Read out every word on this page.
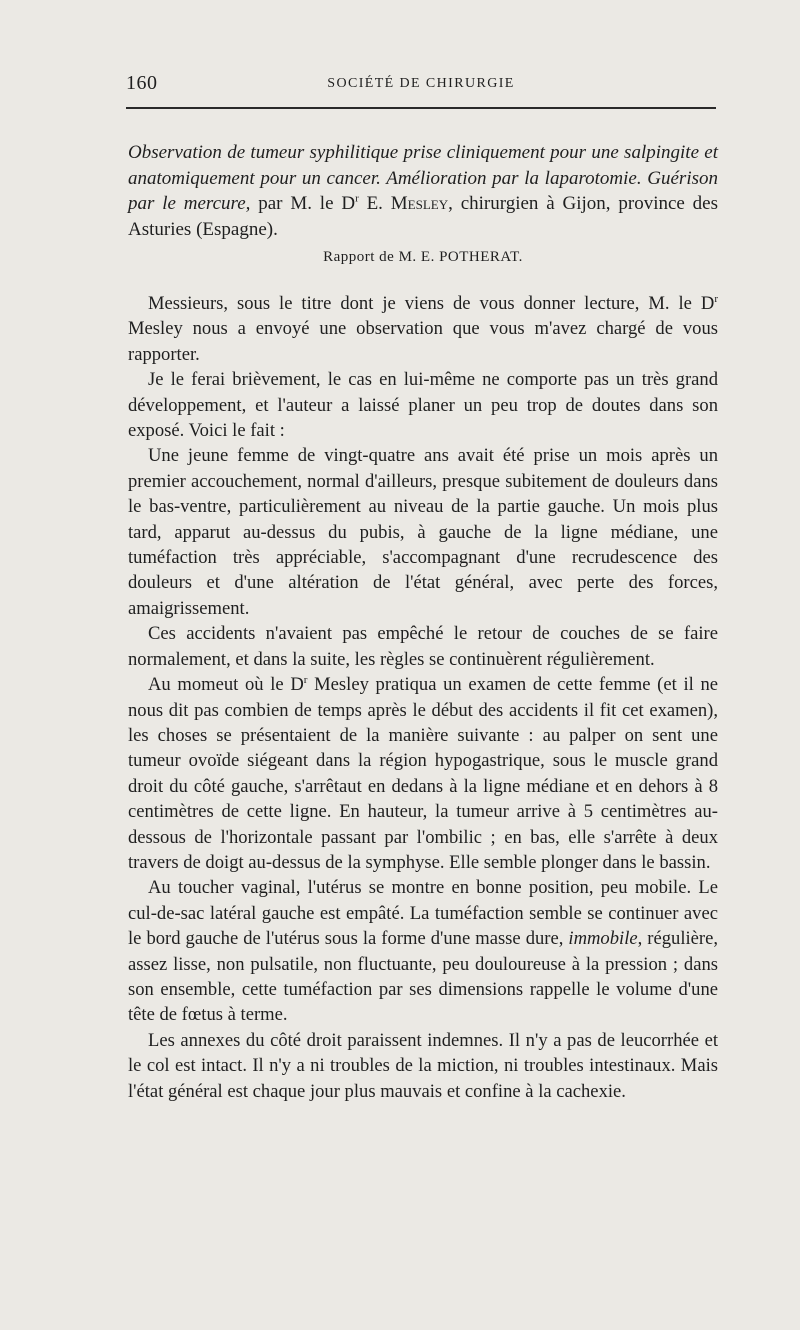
160	SOCIÉTÉ DE CHIRURGIE
Observation de tumeur syphilitique prise cliniquement pour une salpingite et anatomiquement pour un cancer. Amélioration par la laparotomie. Guérison par le mercure, par M. le $D^r$ E. Mesley, chirurgien à Gijon, province des Asturies (Espagne).
Rapport de M. E. POTHERAT.

Messieurs, sous le titre dont je viens de vous donner lecture, M. le $D^r$ Mesley nous a envoyé une observation que vous m'avez chargé de vous rapporter.

Je le ferai brièvement, le cas en lui-même ne comporte pas un très grand développement, et l'auteur a laissé planer un peu trop de doutes dans son exposé. Voici le fait :

Une jeune femme de vingt-quatre ans avait été prise un mois après un premier accouchement, normal d'ailleurs, presque subitement de douleurs dans le bas-ventre, particulièrement au niveau de la partie gauche. Un mois plus tard, apparut au-dessus du pubis, à gauche de la ligne médiane, une tuméfaction très appréciable, s'accompagnant d'une recrudescence des douleurs et d'une altération de l'état général, avec perte des forces, amaigrissement.

Ces accidents n'avaient pas empêché le retour de couches de se faire normalement, et dans la suite, les règles se continuèrent régulièrement.

Au momeut où le $D^r$ Mesley pratiqua un examen de cette femme (et il ne nous dit pas combien de temps après le début des accidents il fit cet examen), les choses se présentaient de la manière suivante : au palper on sent une tumeur ovoïde siégeant dans la région hypogastrique, sous le muscle grand droit du côté gauche, s'arrêtaut en dedans à la ligne médiane et en dehors à 8 centimètres de cette ligne. En hauteur, la tumeur arrive à 5 centimètres au-dessous de l'horizontale passant par l'ombilic ; en bas, elle s'arrête à deux travers de doigt au-dessus de la symphyse. Elle semble plonger dans le bassin.

Au toucher vaginal, l'utérus se montre en bonne position, peu mobile. Le cul-de-sac latéral gauche est empâté. La tuméfaction semble se continuer avec le bord gauche de l'utérus sous la forme d'une masse dure, immobile, régulière, assez lisse, non pulsatile, non fluctuante, peu douloureuse à la pression ; dans son ensemble, cette tuméfaction par ses dimensions rappelle le volume d'une tête de fœtus à terme.

Les annexes du côté droit paraissent indemnes. Il n'y a pas de leucorrhée et le col est intact. Il n'y a ni troubles de la miction, ni troubles intestinaux. Mais l'état général est chaque jour plus mauvais et confine à la cachexie.
